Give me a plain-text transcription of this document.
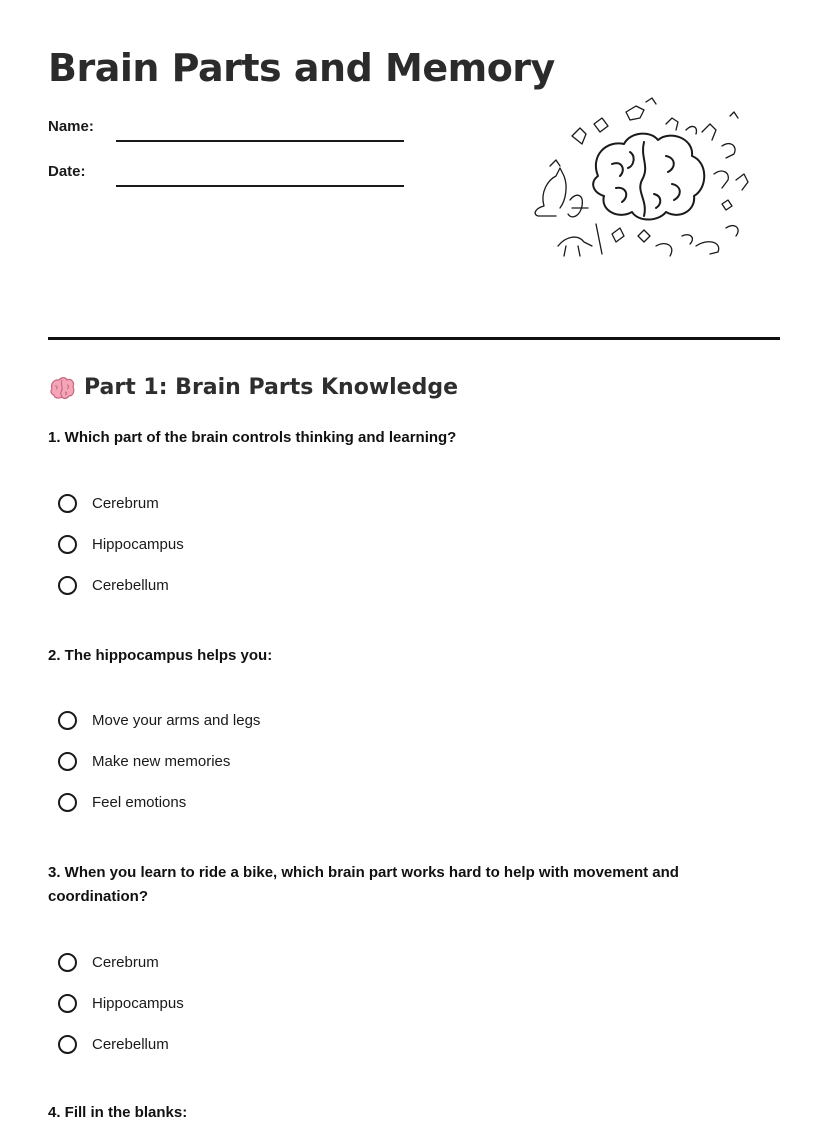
Brain Parts and Memory
Name:
Date:
Part 1: Brain Parts Knowledge

1. Which part of the brain controls thinking and learning?

Cerebrum
Hippocampus
Cerebellum

2. The hippocampus helps you:

Move your arms and legs
Make new memories
Feel emotions

3. When you learn to ride a bike, which brain part works hard to help with movement and coordination?

Cerebrum
Hippocampus
Cerebellum

4. Fill in the blanks:
